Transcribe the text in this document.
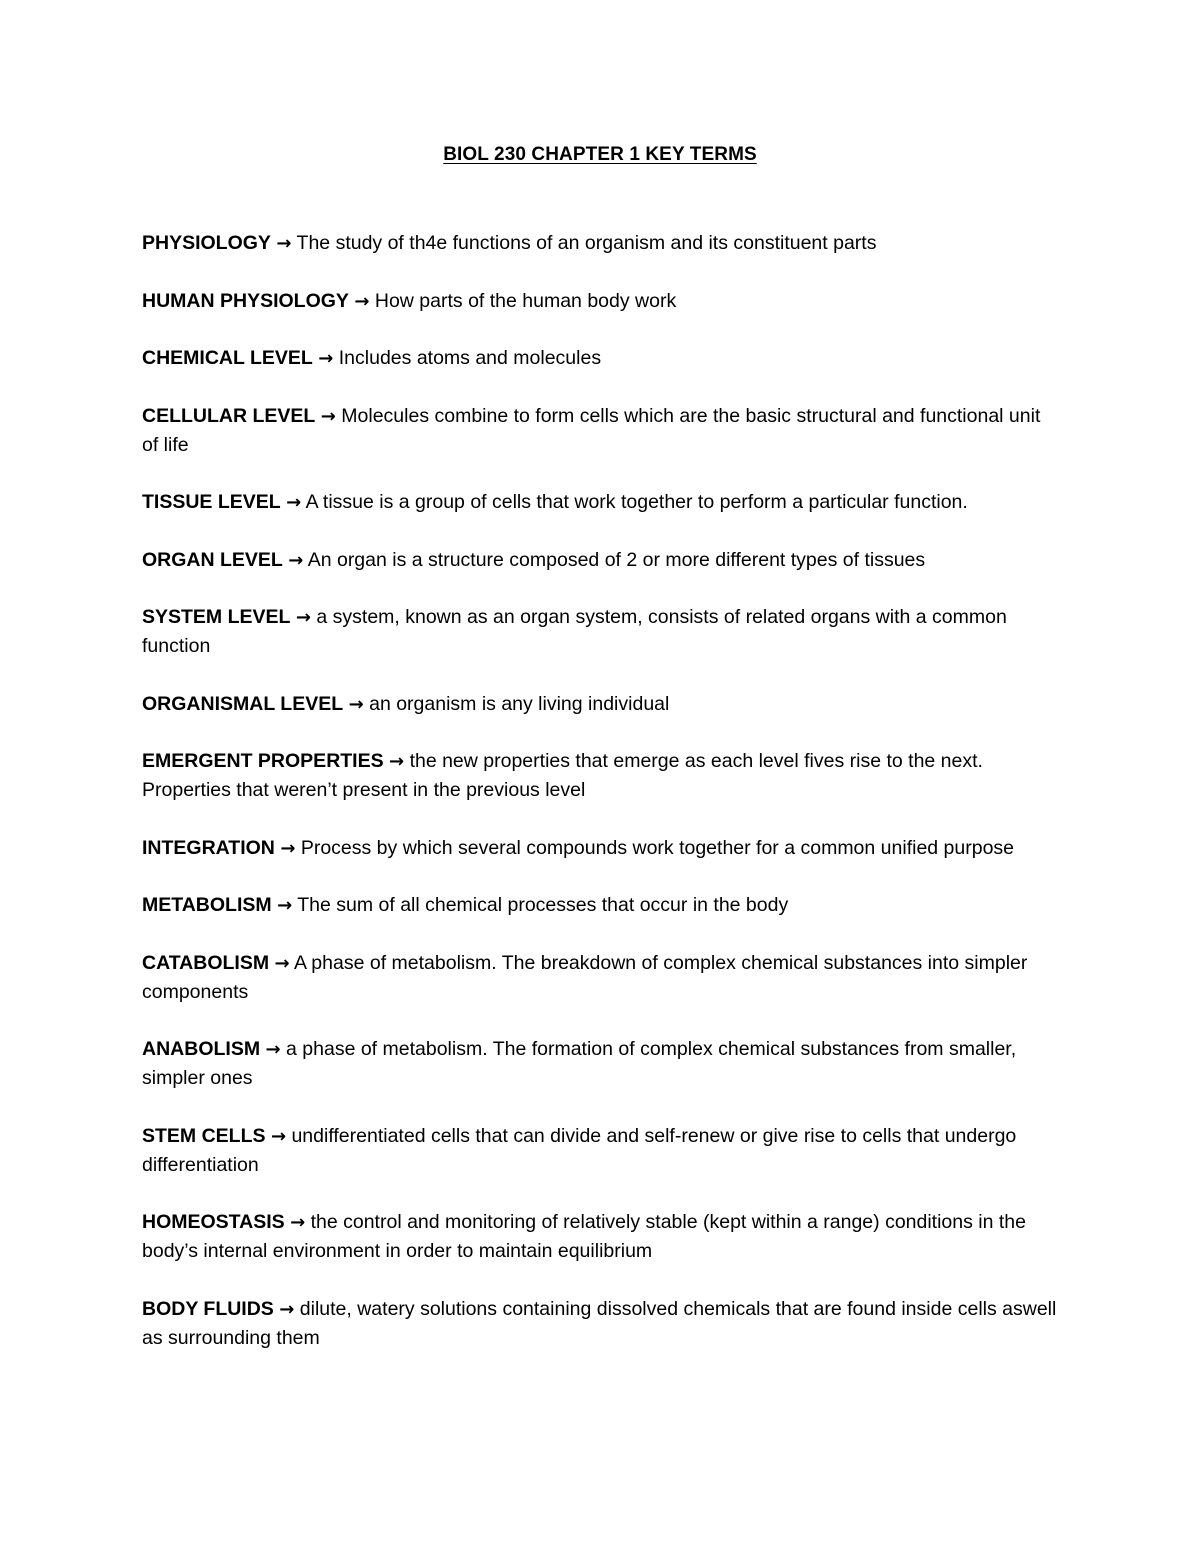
BIOL 230 CHAPTER 1 KEY TERMS
PHYSIOLOGY → The study of th4e functions of an organism and its constituent parts
HUMAN PHYSIOLOGY → How parts of the human body work
CHEMICAL LEVEL → Includes atoms and molecules
CELLULAR LEVEL → Molecules combine to form cells which are the basic structural and functional unit of life
TISSUE LEVEL → A tissue is a group of cells that work together to perform a particular function.
ORGAN LEVEL → An organ is a structure composed of 2 or more different types of tissues
SYSTEM LEVEL → a system, known as an organ system, consists of related organs with a common function
ORGANISMAL LEVEL → an organism is any living individual
EMERGENT PROPERTIES → the new properties that emerge as each level fives rise to the next. Properties that weren’t present in the previous level
INTEGRATION → Process by which several compounds work together for a common unified purpose
METABOLISM → The sum of all chemical processes that occur in the body
CATABOLISM → A phase of metabolism. The breakdown of complex chemical substances into simpler components
ANABOLISM → a phase of metabolism. The formation of complex chemical substances from smaller, simpler ones
STEM CELLS → undifferentiated cells that can divide and self-renew or give rise to cells that undergo differentiation
HOMEOSTASIS → the control and monitoring of relatively stable (kept within a range) conditions in the body’s internal environment in order to maintain equilibrium
BODY FLUIDS → dilute, watery solutions containing dissolved chemicals that are found inside cells aswell as surrounding them
